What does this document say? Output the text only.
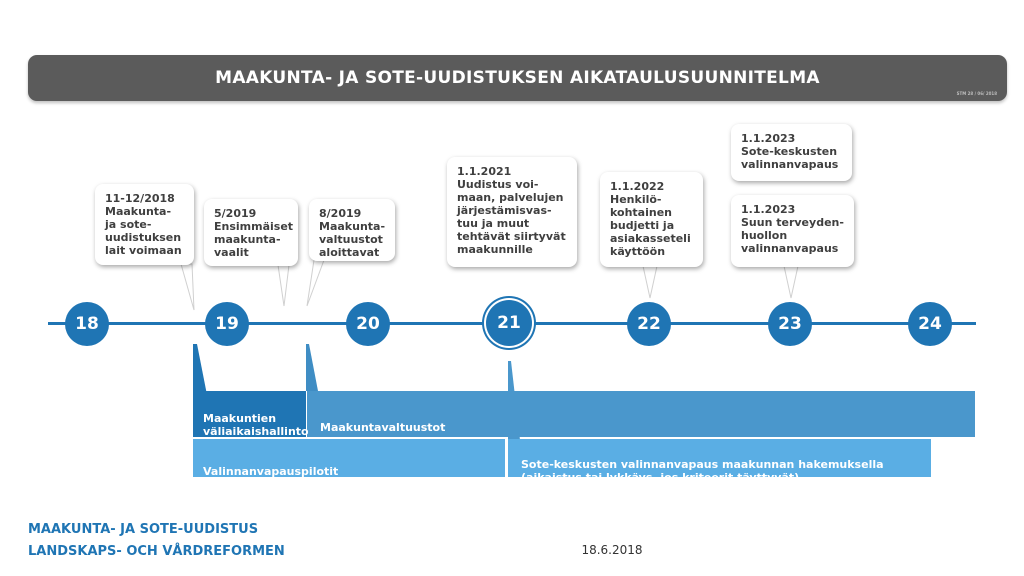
MAAKUNTA- JA SOTE-UUDISTUKSEN AIKATAULUSUUNNITELMA
STM 28 / 06/ 2018
11-12/2018
Maakunta-
ja sote-
uudistuksen
lait voimaan
5/2019
Ensimmäiset
maakunta-
vaalit
8/2019
Maakunta-
valtuustot
aloittavat
1.1.2021
Uudistus voi-
maan, palvelujen
järjestämisvas-
tuu ja muut
tehtävät siirtyvät
maakunnille
1.1.2022
Henkilö-
kohtainen
budjetti ja
asiakasseteli
käyttöön
1.1.2023
Sote-keskusten
valinnanvapaus
1.1.2023
Suun terveyden-
huollon
valinnanvapaus
18	19	20	21	22	23	24

Maakuntavaltuustot

Maakuntien
väliaikaishallinto

Valinnanvapauspilotit

Sote-keskusten valinnanvapaus maakunnan hakemuksella
(aikaistus tai lykkäys, jos kriteerit täyttyvät)

MAAKUNTA- JA SOTE-UUDISTUS
LANDSKAPS- OCH VÅRDREFORMEN	18.6.2018
